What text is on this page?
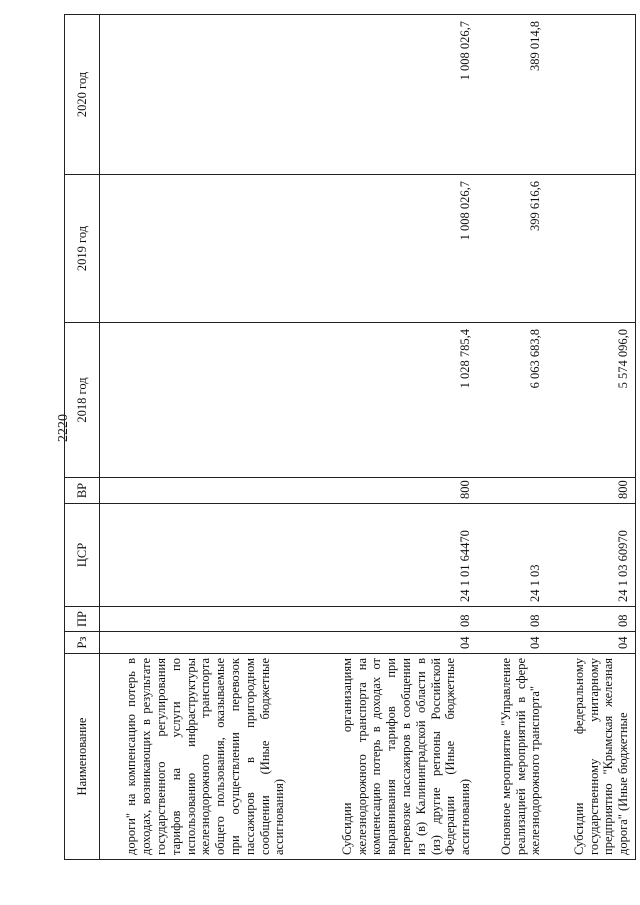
2220
Наименование	Рз	ПР	ЦСР	ВР	2018 год	2019 год	2020 год

дороги" на компенсацию потерь в доходах, возникающих в результате государственного регулирования тарифов на услуги по использованию инфраструктуры железнодорожного транспорта общего пользования, оказываемые при осуществлении перевозок пассажиров в пригородном сообщении (Иные бюджетные ассигнования)							

Субсидии организациям железнодорожного транспорта на компенсацию потерь в доходах от выравнивания тарифов при перевозке пассажиров в сообщении из (в) Калининградской области в (из) другие регионы Российской Федерации (Иные бюджетные ассигнования)	04	08	24 1 01 64470	800	1 028 785,4	1 008 026,7	1 008 026,7

Основное мероприятие "Управление реализацией мероприятий в сфере железнодорожного транспорта"	04	08	24 1 03		6 063 683,8	399 616,6	389 014,8

Субсидии федеральному государственному унитарному предприятию "Крымская железная дорога" (Иные бюджетные	04	08	24 1 03 60970	800	5 574 096,0		
